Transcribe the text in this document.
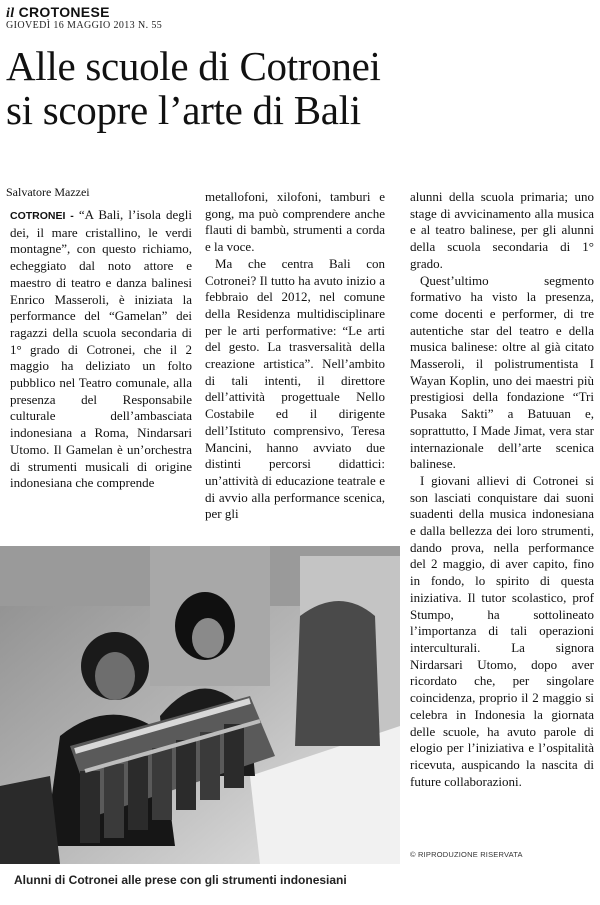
il CROTONESE
GIOVEDÌ 16 MAGGIO 2013 N. 55
Alle scuole di Cotronei
si scopre l’arte di Bali
Salvatore Mazzei

COTRONEI - “A Bali, l’isola degli dei, il mare cristallino, le verdi montagne”, con questo richiamo, echeggiato dal noto attore e maestro di teatro e danza balinesi Enrico Masseroli, è iniziata la performance del “Gamelan” dei ragazzi della scuola secondaria di 1° grado di Cotronei, che il 2 maggio ha deliziato un folto pubblico nel Teatro comunale, alla presenza del Responsabile culturale dell’ambasciata indonesiana a Roma, Nindarsari Utomo. Il Gamelan è un’orchestra di strumenti musicali di origine indonesiana che comprende

metallofoni, xilofoni, tamburi e gong, ma può comprendere anche flauti di bambù, strumenti a corda e la voce.

Ma che centra Bali con Cotronei? Il tutto ha avuto inizio a febbraio del 2012, nel comune della Residenza multidisciplinare per le arti performative: “Le arti del gesto. La trasversalità della creazione artistica”. Nell’ambito di tali intenti, il direttore dell’attività progettuale Nello Costabile ed il dirigente dell’Istituto comprensivo, Teresa Mancini, hanno avviato due distinti percorsi didattici: un’attività di educazione teatrale e di avvio alla performance scenica, per gli

alunni della scuola primaria; uno stage di avvicinamento alla musica e al teatro balinese, per gli alunni della scuola secondaria di 1° grado.

Quest’ultimo segmento formativo ha visto la presenza, come docenti e performer, di tre autentiche star del teatro e della musica balinese: oltre al già citato Masseroli, il polistrumentista I Wayan Koplin, uno dei maestri più prestigiosi della fondazione “Tri Pusaka Sakti” a Batuuan e, soprattutto, I Made Jimat, vera star internazionale dell’arte scenica balinese.

I giovani allievi di Cotronei si son lasciati conquistare dai suoni suadenti della musica indonesiana e dalla bellezza dei loro strumenti, dando prova, nella performance del 2 maggio, di aver capito, fino in fondo, lo spirito di questa iniziativa. Il tutor scolastico, prof Stumpo, ha sottolineato l’importanza di tali operazioni interculturali. La signora Nirdarsari Utomo, dopo aver ricordato che, per singolare coincidenza, proprio il 2 maggio si celebra in Indonesia la giornata delle scuole, ha avuto parole di elogio per l’iniziativa e l’ospitalità ricevuta, auspicando la nascita di future collaborazioni.

© RIPRODUZIONE RISERVATA
Alunni di Cotronei alle prese con gli strumenti indonesiani
